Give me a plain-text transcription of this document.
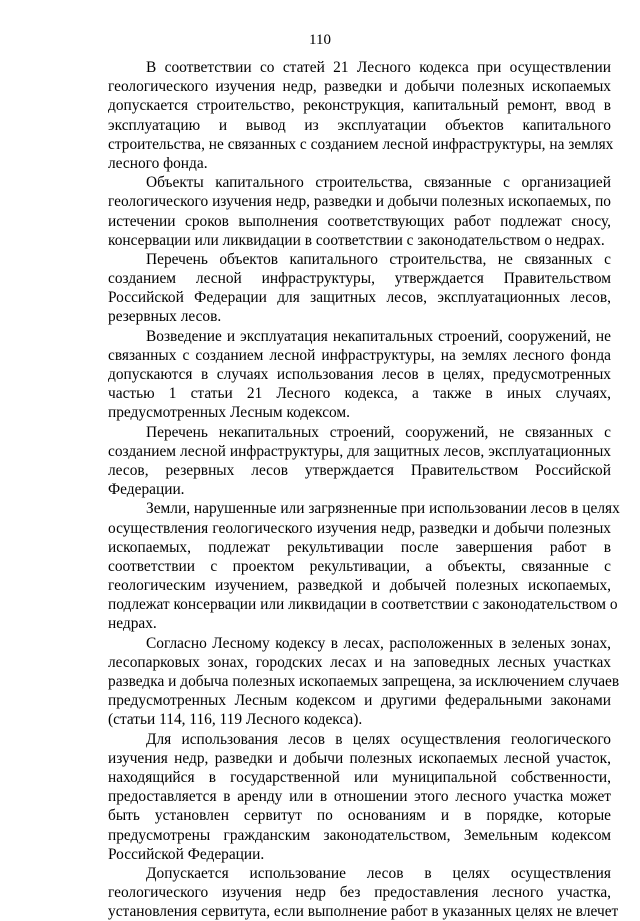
110
В соответствии со статей 21 Лесного кодекса при осуществлении
геологического изучения недр, разведки и добычи полезных ископаемых
допускается строительство, реконструкция, капитальный ремонт, ввод в
эксплуатацию и вывод из эксплуатации объектов капитального
строительства, не связанных с созданием лесной инфраструктуры, на землях
лесного фонда.
Объекты капитального строительства, связанные с организацией
геологического изучения недр, разведки и добычи полезных ископаемых, по
истечении сроков выполнения соответствующих работ подлежат сносу,
консервации или ликвидации в соответствии с законодательством о недрах.
Перечень объектов капитального строительства, не связанных с
созданием лесной инфраструктуры, утверждается Правительством
Российской Федерации для защитных лесов, эксплуатационных лесов,
резервных лесов.
Возведение и эксплуатация некапитальных строений, сооружений, не
связанных с созданием лесной инфраструктуры, на землях лесного фонда
допускаются в случаях использования лесов в целях, предусмотренных
частью 1 статьи 21 Лесного кодекса, а также в иных случаях,
предусмотренных Лесным кодексом.
Перечень некапитальных строений, сооружений, не связанных с
созданием лесной инфраструктуры, для защитных лесов, эксплуатационных
лесов, резервных лесов утверждается Правительством Российской
Федерации.
Земли, нарушенные или загрязненные при использовании лесов в целях
осуществления геологического изучения недр, разведки и добычи полезных
ископаемых, подлежат рекультивации после завершения работ в
соответствии с проектом рекультивации, а объекты, связанные с
геологическим изучением, разведкой и добычей полезных ископаемых,
подлежат консервации или ликвидации в соответствии с законодательством о
недрах.
Согласно Лесному кодексу в лесах, расположенных в зеленых зонах,
лесопарковых зонах, городских лесах и на заповедных лесных участках
разведка и добыча полезных ископаемых запрещена, за исключением случаев
предусмотренных Лесным кодексом и другими федеральными законами
(статьи 114, 116, 119 Лесного кодекса).
Для использования лесов в целях осуществления геологического
изучения недр, разведки и добычи полезных ископаемых лесной участок,
находящийся в государственной или муниципальной собственности,
предоставляется в аренду или в отношении этого лесного участка может
быть установлен сервитут по основаниям и в порядке, которые
предусмотрены гражданским законодательством, Земельным кодексом
Российской Федерации.
Допускается использование лесов в целях осуществления
геологического изучения недр без предоставления лесного участка,
установления сервитута, если выполнение работ в указанных целях не влечет
